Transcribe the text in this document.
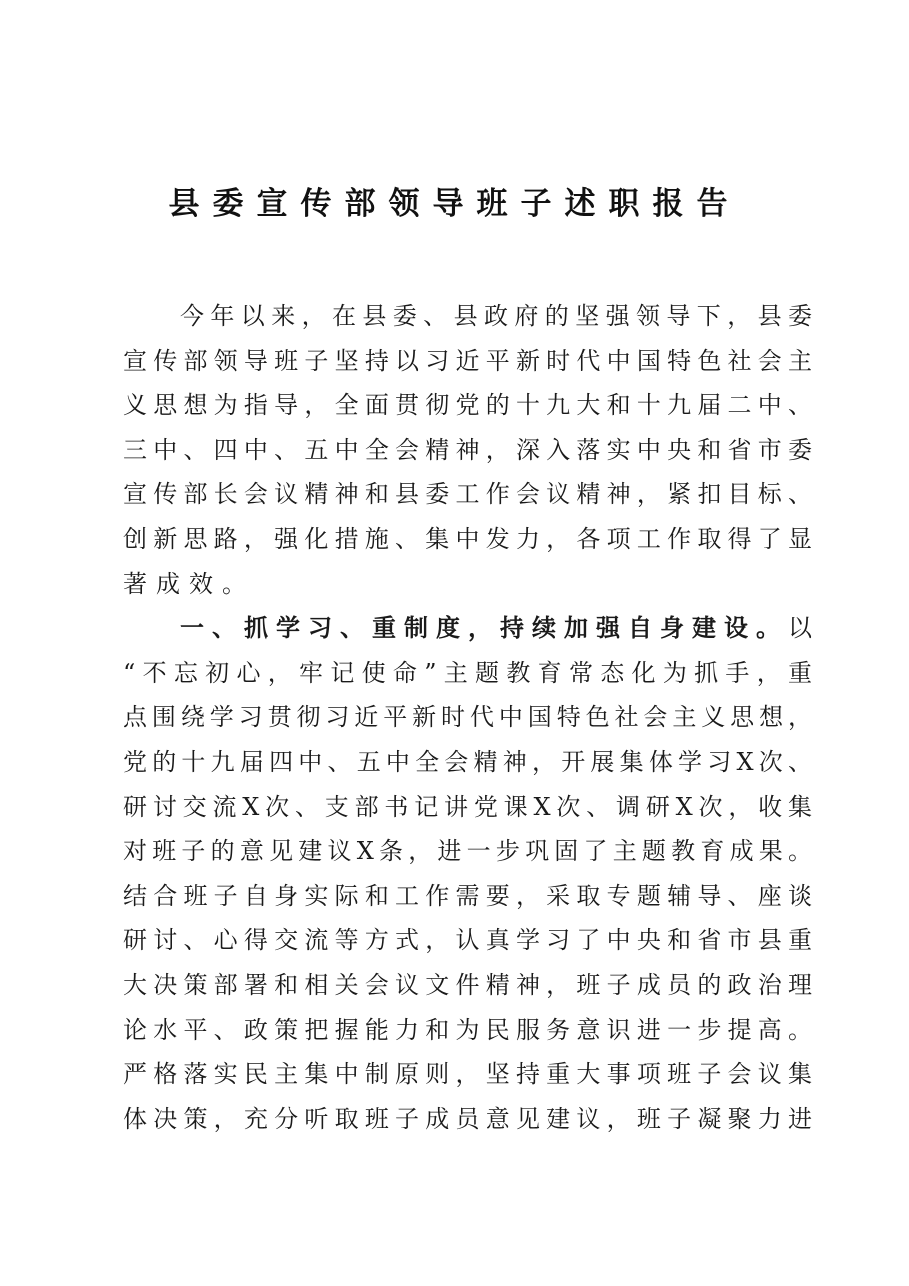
县委宣传部领导班子述职报告
今年以来，在县委、县政府的坚强领导下，县委
宣传部领导班子坚持以习近平新时代中国特色社会主
义思想为指导，全面贯彻党的十九大和十九届二中、
三中、四中、五中全会精神，深入落实中央和省市委
宣传部长会议精神和县委工作会议精神，紧扣目标、
创新思路，强化措施、集中发力，各项工作取得了显
著成效。
一、抓学习、重制度，持续加强自身建设。以
“不忘初心，牢记使命”主题教育常态化为抓手，重
点围绕学习贯彻习近平新时代中国特色社会主义思想，
党的十九届四中、五中全会精神，开展集体学习X次、
研讨交流X次、支部书记讲党课X次、调研X次，收集
对班子的意见建议X条，进一步巩固了主题教育成果。
结合班子自身实际和工作需要，采取专题辅导、座谈
研讨、心得交流等方式，认真学习了中央和省市县重
大决策部署和相关会议文件精神，班子成员的政治理
论水平、政策把握能力和为民服务意识进一步提高。
严格落实民主集中制原则，坚持重大事项班子会议集
体决策，充分听取班子成员意见建议，班子凝聚力进
